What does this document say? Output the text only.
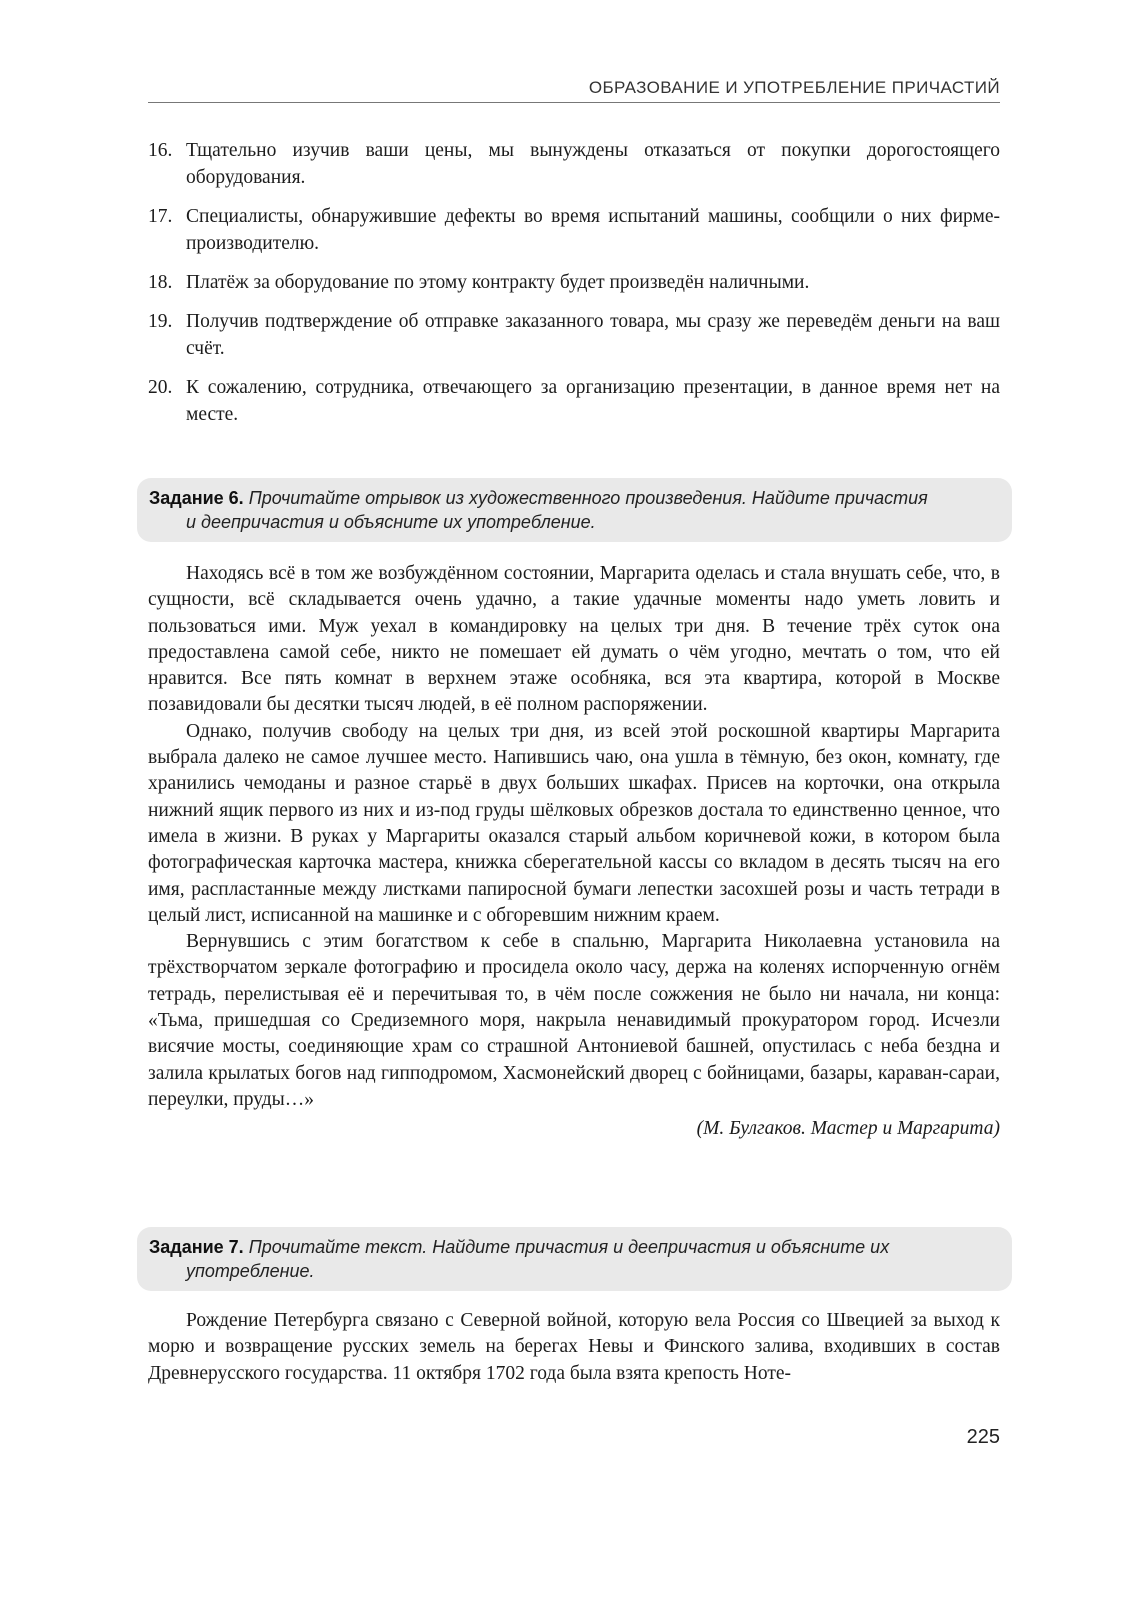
ОБРАЗОВАНИЕ И УПОТРЕБЛЕНИЕ ПРИЧАСТИЙ
16. Тщательно изучив ваши цены, мы вынуждены отказаться от покупки дорогостоящего оборудования.
17. Специалисты, обнаружившие дефекты во время испытаний машины, сообщили о них фирме-производителю.
18. Платёж за оборудование по этому контракту будет произведён наличными.
19. Получив подтверждение об отправке заказанного товара, мы сразу же переведём деньги на ваш счёт.
20. К сожалению, сотрудника, отвечающего за организацию презентации, в данное время нет на месте.
Задание 6. Прочитайте отрывок из художественного произведения. Найдите причастия
и деепричастия и объясните их употребление.

Находясь всё в том же возбуждённом состоянии, Маргарита оделась и стала внушать себе, что, в сущности, всё складывается очень удачно, а такие удачные моменты надо уметь ловить и пользоваться ими. Муж уехал в командировку на целых три дня. В течение трёх суток она предоставлена самой себе, никто не помешает ей думать о чём угодно, мечтать о том, что ей нравится. Все пять комнат в верхнем этаже особняка, вся эта квартира, которой в Москве позавидовали бы десятки тысяч людей, в её полном распоряжении.

Однако, получив свободу на целых три дня, из всей этой роскошной квартиры Маргарита выбрала далеко не самое лучшее место. Напившись чаю, она ушла в тёмную, без окон, комнату, где хранились чемоданы и разное старьё в двух больших шкафах. Присев на корточки, она открыла нижний ящик первого из них и из-под груды шёлковых обрезков достала то единственно ценное, что имела в жизни. В руках у Маргариты оказался старый альбом коричневой кожи, в котором была фотографическая карточка мастера, книжка сберегательной кассы со вкладом в десять тысяч на его имя, распластанные между листками папиросной бумаги лепестки засохшей розы и часть тетради в целый лист, исписанной на машинке и с обгоревшим нижним краем.

Вернувшись с этим богатством к себе в спальню, Маргарита Николаевна установила на трёхстворчатом зеркале фотографию и просидела около часу, держа на коленях испорченную огнём тетрадь, перелистывая её и перечитывая то, в чём после сожжения не было ни начала, ни конца: «Тьма, пришедшая со Средиземного моря, накрыла ненавидимый прокуратором город. Исчезли висячие мосты, соединяющие храм со страшной Антониевой башней, опустилась с неба бездна и залила крылатых богов над гипподромом, Хасмонейский дворец с бойницами, базары, караван-сараи, переулки, пруды…»

(М. Булгаков. Мастер и Маргарита)
Задание 7. Прочитайте текст. Найдите причастия и деепричастия и объясните их
употребление.

Рождение Петербурга связано с Северной войной, которую вела Россия со Швецией за выход к морю и возвращение русских земель на берегах Невы и Финского залива, входивших в состав Древнерусского государства. 11 октября 1702 года была взята крепость Ноте-

225
